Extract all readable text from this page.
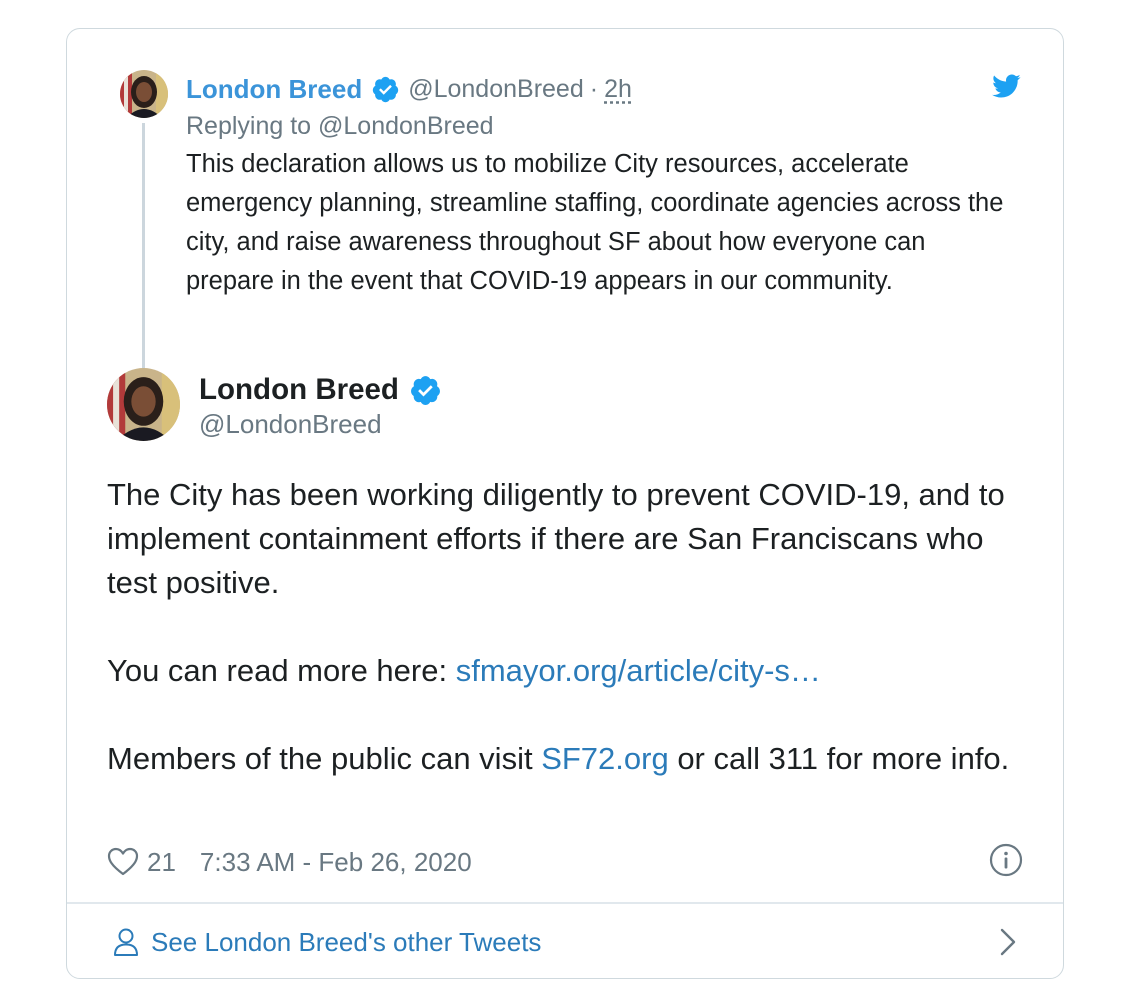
London Breed @LondonBreed · 2h
Replying to @LondonBreed
This declaration allows us to mobilize City resources, accelerate emergency planning, streamline staffing, coordinate agencies across the city, and raise awareness throughout SF about how everyone can prepare in the event that COVID-19 appears in our community.
London Breed
@LondonBreed

The City has been working diligently to prevent COVID-19, and to implement containment efforts if there are San Franciscans who test positive.

You can read more here: sfmayor.org/article/city-s…

Members of the public can visit SF72.org or call 311 for more info.

21 7:33 AM - Feb 26, 2020
See London Breed's other Tweets
